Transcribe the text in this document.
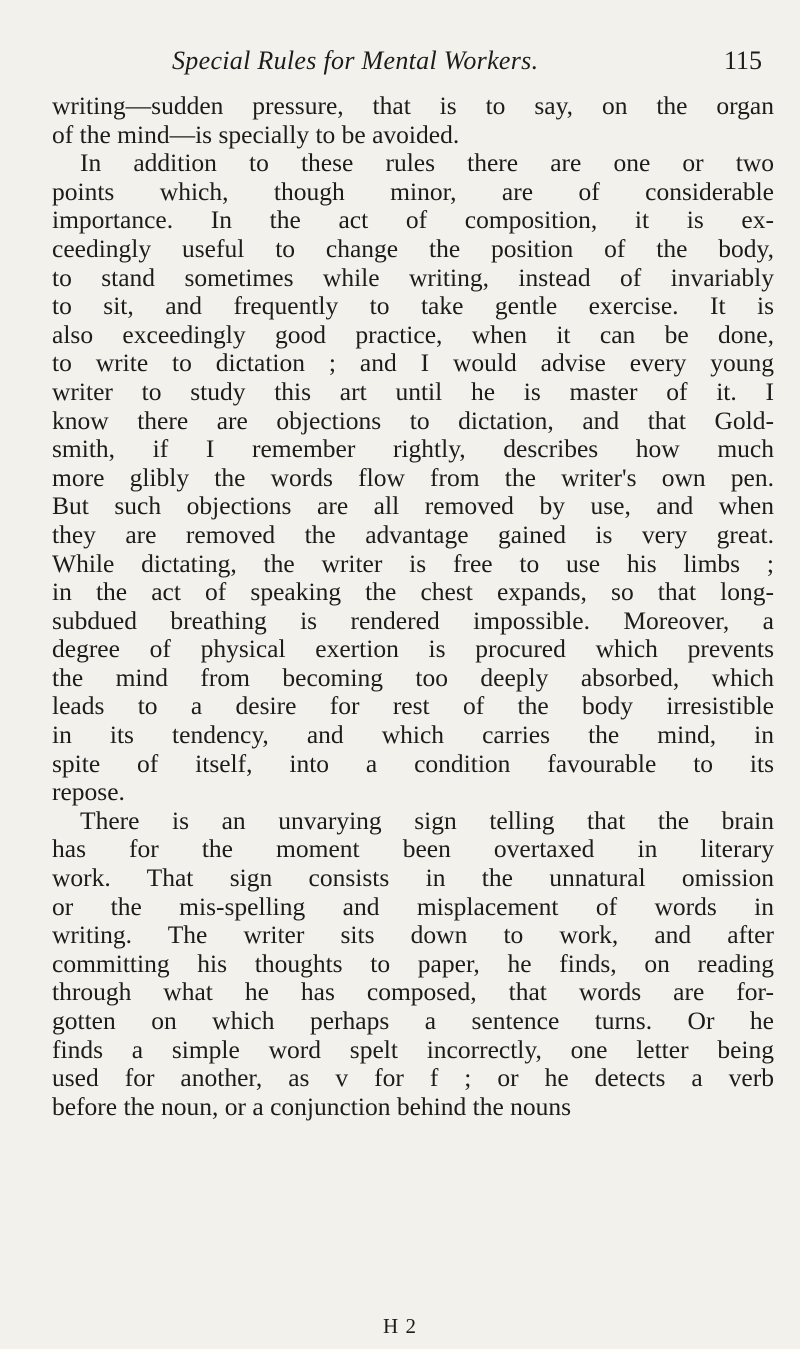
Special Rules for Mental Workers.	115

writing—sudden pressure, that is to say, on the organ
of the mind—is specially to be avoided.

In addition to these rules there are one or two
points which, though minor, are of considerable
importance. In the act of composition, it is ex-
ceedingly useful to change the position of the body,
to stand sometimes while writing, instead of invariably
to sit, and frequently to take gentle exercise. It is
also exceedingly good practice, when it can be done,
to write to dictation ; and I would advise every young
writer to study this art until he is master of it. I
know there are objections to dictation, and that Gold-
smith, if I remember rightly, describes how much
more glibly the words flow from the writer's own pen.
But such objections are all removed by use, and when
they are removed the advantage gained is very great.
While dictating, the writer is free to use his limbs ;
in the act of speaking the chest expands, so that long-
subdued breathing is rendered impossible. Moreover, a
degree of physical exertion is procured which prevents
the mind from becoming too deeply absorbed, which
leads to a desire for rest of the body irresistible
in its tendency, and which carries the mind, in
spite of itself, into a condition favourable to its
repose.

There is an unvarying sign telling that the brain
has for the moment been overtaxed in literary
work. That sign consists in the unnatural omission
or the mis-spelling and misplacement of words in
writing. The writer sits down to work, and after
committing his thoughts to paper, he finds, on reading
through what he has composed, that words are for-
gotten on which perhaps a sentence turns. Or he
finds a simple word spelt incorrectly, one letter being
used for another, as v for f ; or he detects a verb
before the noun, or a conjunction behind the nouns

H 2
